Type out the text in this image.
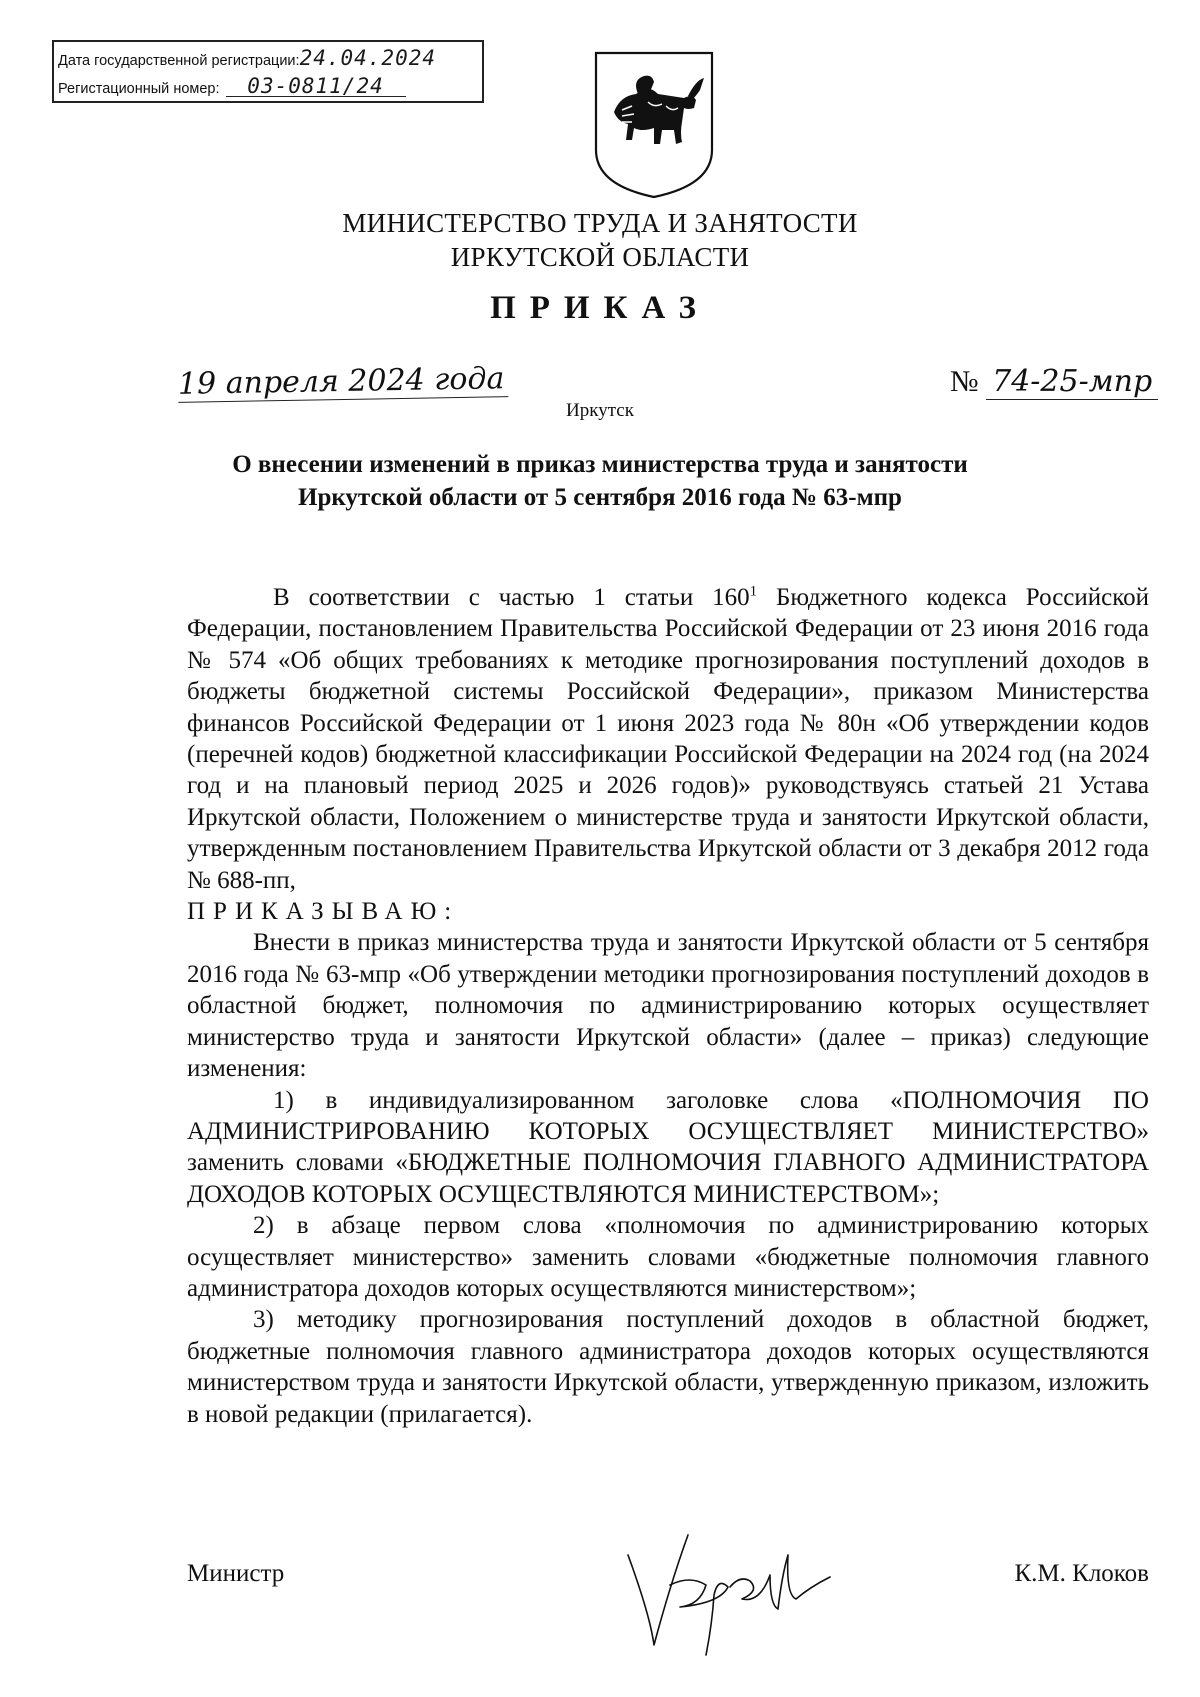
Дата государственной регистрации:24.04.2024
Регистационный номер: 03-0811/24
МИНИСТЕРСТВО ТРУДА И ЗАНЯТОСТИ
ИРКУТСКОЙ ОБЛАСТИ
ПРИКАЗ
19 апреля 2024 года	№ 74-25-мпр
Иркутск
О внесении изменений в приказ министерства труда и занятости
Иркутской области от 5 сентября 2016 года № 63-мпр

В соответствии с частью 1 статьи $160^1$ Бюджетного кодекса Российской Федерации, постановлением Правительства Российской Федерации от 23 июня 2016 года № 574 «Об общих требованиях к методике прогнозирования поступлений доходов в бюджеты бюджетной системы Российской Федерации», приказом Министерства финансов Российской Федерации от 1 июня 2023 года № 80н «Об утверждении кодов (перечней кодов) бюджетной классификации Российской Федерации на 2024 год (на 2024 год и на плановый период 2025 и 2026 годов)» руководствуясь статьей 21 Устава Иркутской области, Положением о министерстве труда и занятости Иркутской области, утвержденным постановлением Правительства Иркутской области от 3 декабря 2012 года № 688-пп,

ПРИКАЗЫВАЮ:

Внести в приказ министерства труда и занятости Иркутской области от 5 сентября 2016 года № 63-мпр «Об утверждении методики прогнозирования поступлений доходов в областной бюджет, полномочия по администрированию которых осуществляет министерство труда и занятости Иркутской области» (далее – приказ) следующие изменения:

1) в индивидуализированном заголовке слова «ПОЛНОМОЧИЯ ПО АДМИНИСТРИРОВАНИЮ КОТОРЫХ ОСУЩЕСТВЛЯЕТ МИНИСТЕРСТВО» заменить словами «БЮДЖЕТНЫЕ ПОЛНОМОЧИЯ ГЛАВНОГО АДМИНИСТРАТОРА ДОХОДОВ КОТОРЫХ ОСУЩЕСТВЛЯЮТСЯ МИНИСТЕРСТВОМ»;

2) в абзаце первом слова «полномочия по администрированию которых осуществляет министерство» заменить словами «бюджетные полномочия главного администратора доходов которых осуществляются министерством»;

3) методику прогнозирования поступлений доходов в областной бюджет, бюджетные полномочия главного администратора доходов которых осуществляются министерством труда и занятости Иркутской области, утвержденную приказом, изложить в новой редакции (прилагается).

Министр	К.М. Клоков
